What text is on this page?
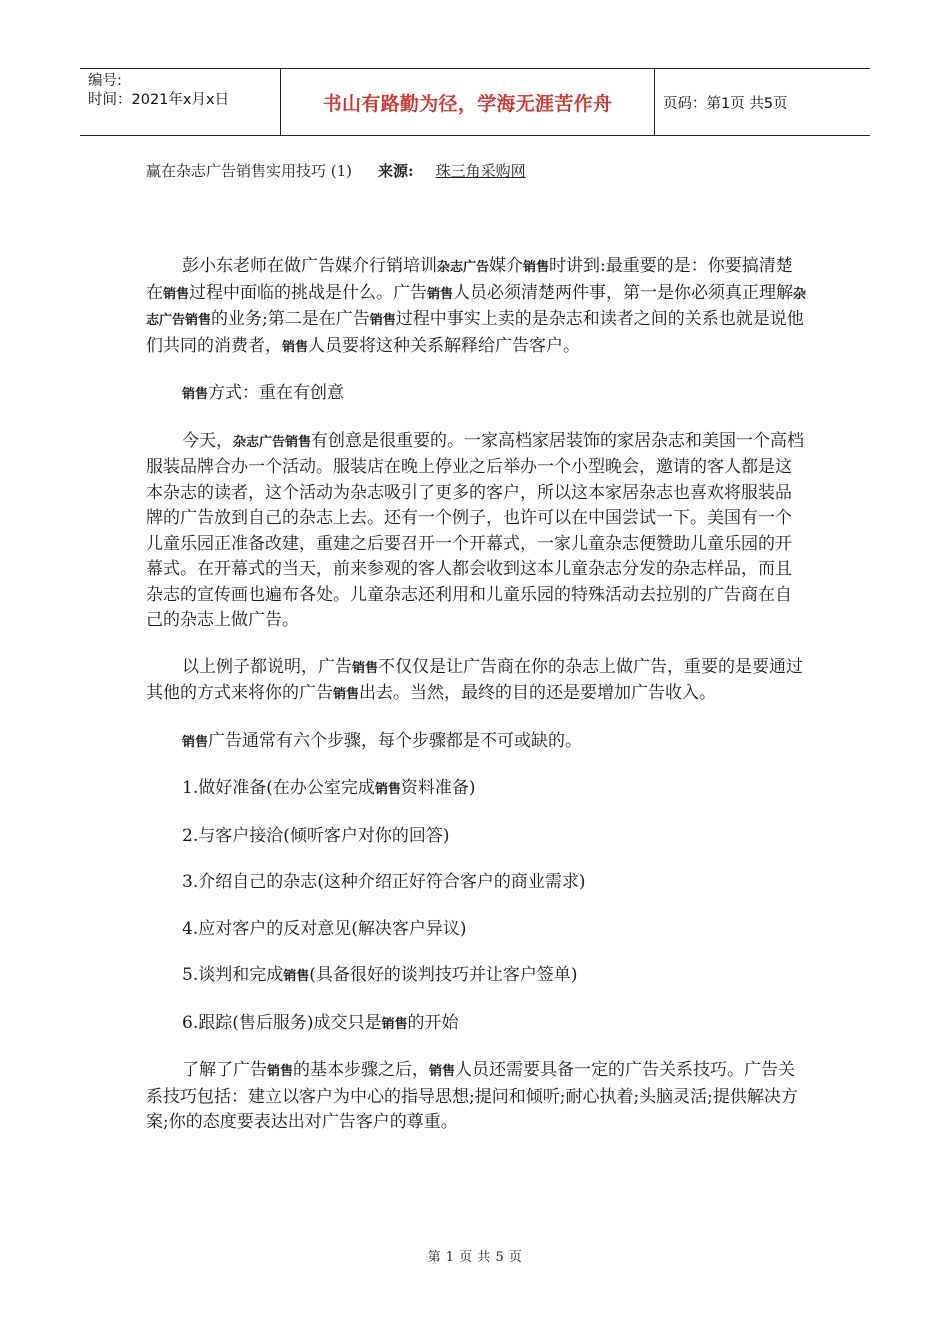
编号:
时间：2021年x月x日	书山有路勤为径，学海无涯苦作舟	页码：第1页 共5页
赢在杂志广告销售实用技巧 (1) 来源: 珠三角采购网

彭小东老师在做广告媒介行销培训杂志广告媒介销售时讲到:最重要的是：你要搞清楚在销售过程中面临的挑战是什么。广告销售人员必须清楚两件事，第一是你必须真正理解杂志广告销售的业务;第二是在广告销售过程中事实上卖的是杂志和读者之间的关系也就是说他们共同的消费者，销售人员要将这种关系解释给广告客户。

销售方式：重在有创意

今天，杂志广告销售有创意是很重要的。一家高档家居装饰的家居杂志和美国一个高档服装品牌合办一个活动。服装店在晚上停业之后举办一个小型晚会，邀请的客人都是这本杂志的读者，这个活动为杂志吸引了更多的客户，所以这本家居杂志也喜欢将服装品牌的广告放到自己的杂志上去。还有一个例子，也许可以在中国尝试一下。美国有一个儿童乐园正准备改建，重建之后要召开一个开幕式，一家儿童杂志便赞助儿童乐园的开幕式。在开幕式的当天，前来参观的客人都会收到这本儿童杂志分发的杂志样品，而且杂志的宣传画也遍布各处。儿童杂志还利用和儿童乐园的特殊活动去拉别的广告商在自己的杂志上做广告。

以上例子都说明，广告销售不仅仅是让广告商在你的杂志上做广告，重要的是要通过其他的方式来将你的广告销售出去。当然，最终的目的还是要增加广告收入。

销售广告通常有六个步骤，每个步骤都是不可或缺的。

1.做好准备(在办公室完成销售资料准备)

2.与客户接洽(倾听客户对你的回答)

3.介绍自己的杂志(这种介绍正好符合客户的商业需求)

4.应对客户的反对意见(解决客户异议)

5.谈判和完成销售(具备很好的谈判技巧并让客户签单)

6.跟踪(售后服务)成交只是销售的开始

了解了广告销售的基本步骤之后，销售人员还需要具备一定的广告关系技巧。广告关系技巧包括：建立以客户为中心的指导思想;提问和倾听;耐心执着;头脑灵活;提供解决方案;你的态度要表达出对广告客户的尊重。

第 1 页 共 5 页
